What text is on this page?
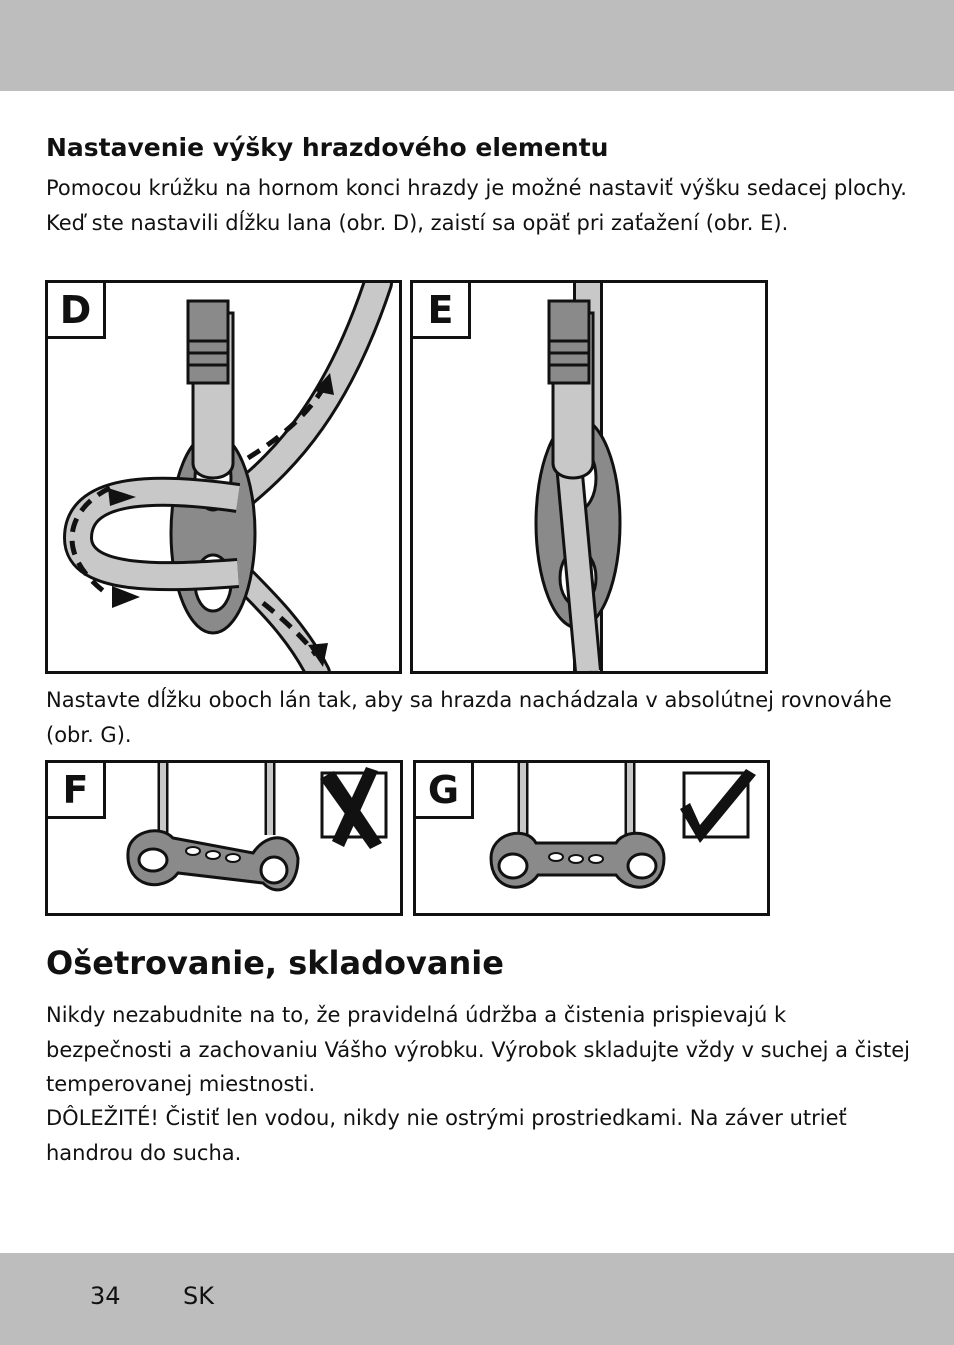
Nastavenie výšky hrazdového elementu
Pomocou krúžku na hornom konci hrazdy je možné nastaviť výšku sedacej plochy. Keď ste nastavili dĺžku lana (obr. D), zaistí sa opäť pri zaťažení (obr. E).
D	E
Nastavte dĺžku oboch lán tak, aby sa hrazda nachádzala v absolútnej rovnováhe (obr. G).
F	G
Ošetrovanie, skladovanie
Nikdy nezabudnite na to, že pravidelná údržba a čistenia prispievajú k bezpečnosti a zachovaniu Vášho výrobku. Výrobok skladujte vždy v suchej a čistej temperovanej miestnosti.
DÔLEŽITÉ! Čistiť len vodou, nikdy nie ostrými prostriedkami. Na záver utrieť handrou do sucha.
34	SK
